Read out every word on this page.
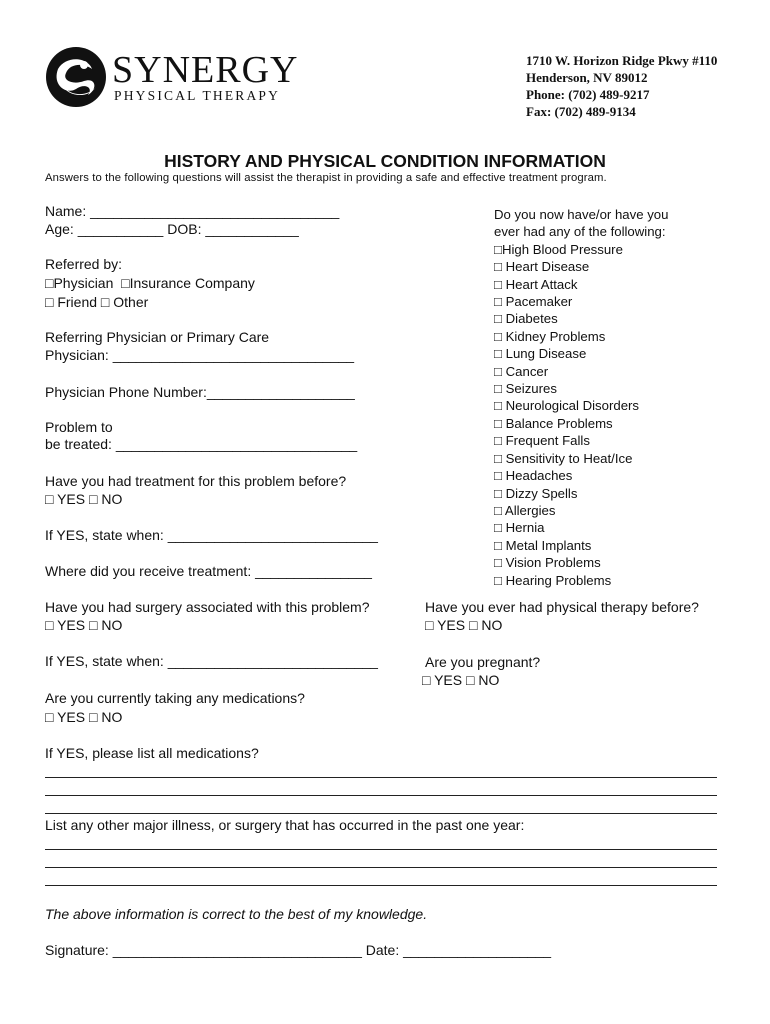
SYNERGY
PHYSICAL THERAPY
1710 W. Horizon Ridge Pkwy #110
Henderson, NV 89012
Phone: (702) 489-9217
Fax: (702) 489-9134
HISTORY AND PHYSICAL CONDITION INFORMATION
Answers to the following questions will assist the therapist in providing a safe and effective treatment program.
Name: ________________________________
Age: ___________ DOB: ____________
Referred by:
□Physician  □Insurance Company
□ Friend □ Other
Referring Physician or Primary Care
Physician: _______________________________
Physician Phone Number:___________________
Problem to
be treated: _______________________________
Have you had treatment for this problem before?
□ YES □ NO
If YES, state when: ___________________________
Where did you receive treatment: _______________
Have you had surgery associated with this problem?
□ YES □ NO
If YES, state when: ___________________________
Are you currently taking any medications?
□ YES □ NO
If YES, please list all medications?
List any other major illness, or surgery that has occurred in the past one year:
The above information is correct to the best of my knowledge.
Signature: ________________________________ Date: ___________________
Have you ever had physical therapy before?
□ YES □ NO
Are you pregnant?
□ YES □ NO
Do you now have/or have you
ever had any of the following:
□High Blood Pressure
□ Heart Disease
□ Heart Attack
□ Pacemaker
□ Diabetes
□ Kidney Problems
□ Lung Disease
□ Cancer
□ Seizures
□ Neurological Disorders
□ Balance Problems
□ Frequent Falls
□ Sensitivity to Heat/Ice
□ Headaches
□ Dizzy Spells
□ Allergies
□ Hernia
□ Metal Implants
□ Vision Problems
□ Hearing Problems
